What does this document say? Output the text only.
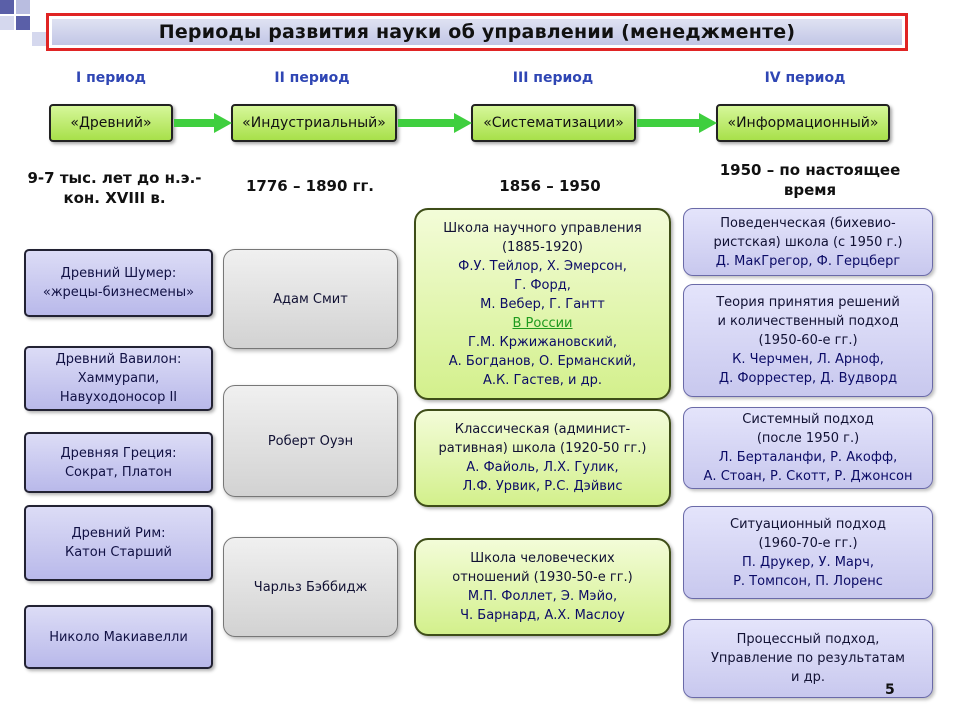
Периоды развития науки об управлении (менеджменте)
I период	II период	III период	IV период
«Древний»	«Индустриальный»	«Систематизации»	«Информационный»
9-7 тыс. лет до н.э.-
кон. XVIII в.
1776 – 1890 гг.	1856 – 1950
1950 – по настоящее
время
Древний Шумер:
«жрецы-бизнесмены»
Древний Вавилон:
Хаммурапи,
Навуходоносор II
Древняя Греция:
Сократ, Платон
Древний Рим:
Катон Старший
Николо Макиавелли
Адам Смит
Роберт Оуэн
Чарльз Бэббидж
Школа научного управления
(1885-1920)
Ф.У. Тейлор, Х. Эмерсон,
Г. Форд,
М. Вебер, Г. Гантт
В России
Г.М. Кржижановский,
А. Богданов, О. Ерманский,
А.К. Гастев, и др.
Классическая (админист-
ративная) школа (1920-50 гг.)
А. Файоль, Л.Х. Гулик,
Л.Ф. Урвик, Р.С. Дэйвис
Школа человеческих
отношений (1930-50-е гг.)
М.П. Фоллет, Э. Мэйо,
Ч. Барнард, А.Х. Маслоу
Поведенческая (бихевио-
ристская) школа (с 1950 г.)
Д. МакГрегор, Ф. Герцберг
Теория принятия решений
и количественный подход
(1950-60-е гг.)
К. Черчмен, Л. Арноф,
Д. Форрестер, Д. Вудворд
Системный подход
(после 1950 г.)
Л. Берталанфи, Р. Акофф,
А. Стоан, Р. Скотт, Р. Джонсон
Ситуационный подход
(1960-70-е гг.)
П. Друкер, У. Марч,
Р. Томпсон, П. Лоренс
Процессный подход,
Управление по результатам
и др.
5
